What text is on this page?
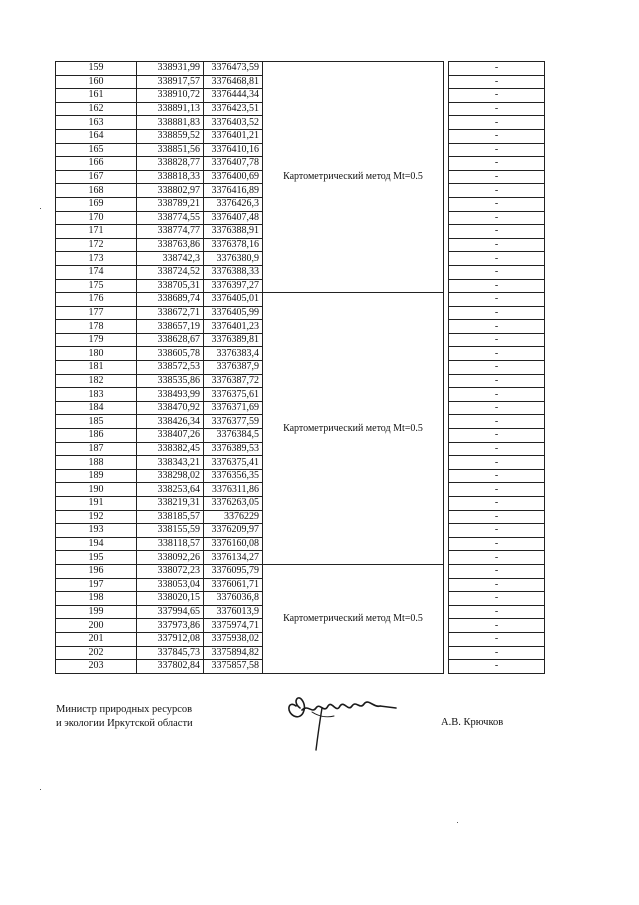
159	338931,99	3376473,59	Картометрический метод Mt=0.5		-
160	338917,57	3376468,81			-
161	338910,72	3376444,34			-
162	338891,13	3376423,51			-
163	338881,83	3376403,52			-
164	338859,52	3376401,21			-
165	338851,56	3376410,16			-
166	338828,77	3376407,78			-
167	338818,33	3376400,69			-
168	338802,97	3376416,89			-
169	338789,21	3376426,3			-
170	338774,55	3376407,48			-
171	338774,77	3376388,91			-
172	338763,86	3376378,16			-
173	338742,3	3376380,9			-
174	338724,52	3376388,33			-
175	338705,31	3376397,27			-
176	338689,74	3376405,01	Картометрический метод Mt=0.5		-
177	338672,71	3376405,99			-
178	338657,19	3376401,23			-
179	338628,67	3376389,81			-
180	338605,78	3376383,4			-
181	338572,53	3376387,9			-
182	338535,86	3376387,72			-
183	338493,99	3376375,61			-
184	338470,92	3376371,69			-
185	338426,34	3376377,59			-
186	338407,26	3376384,5			-
187	338382,45	3376389,53			-
188	338343,21	3376375,41			-
189	338298,02	3376356,35			-
190	338253,64	3376311,86			-
191	338219,31	3376263,05			-
192	338185,57	3376229			-
193	338155,59	3376209,97			-
194	338118,57	3376160,08			-
195	338092,26	3376134,27			-
196	338072,23	3376095,79	Картометрический метод Mt=0.5		-
197	338053,04	3376061,71			-
198	338020,15	3376036,8			-
199	337994,65	3376013,9			-
200	337973,86	3375974,71			-
201	337912,08	3375938,02			-
202	337845,73	3375894,82			-
203	337802,84	3375857,58			-
Министр природных ресурсов
и экологии Иркутской области	А.В. Крючков
